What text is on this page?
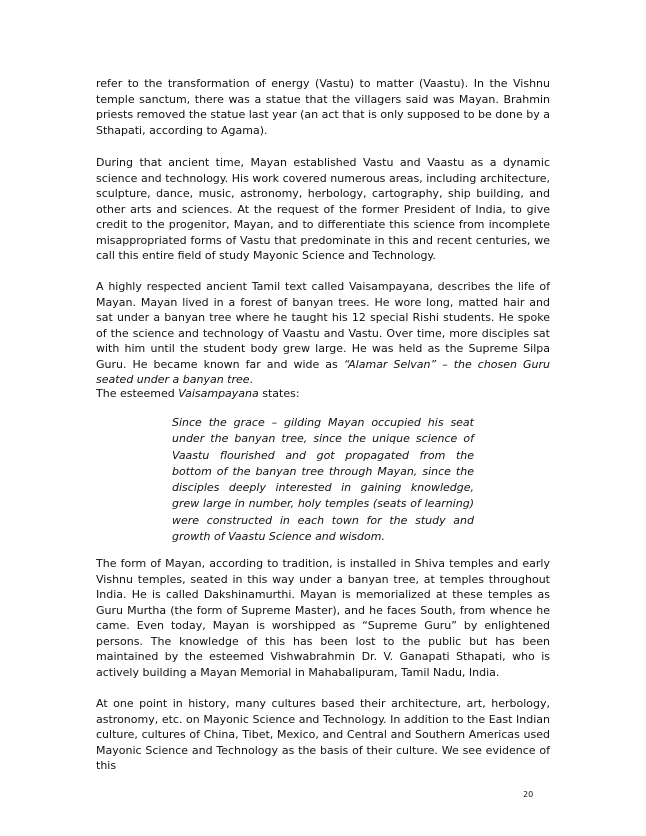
refer to the transformation of energy (Vastu) to matter (Vaastu). In the Vishnu temple sanctum, there was a statue that the villagers said was Mayan. Brahmin priests removed the statue last year (an act that is only supposed to be done by a Sthapati, according to Agama).

During that ancient time, Mayan established Vastu and Vaastu as a dynamic science and technology. His work covered numerous areas, including architecture, sculpture, dance, music, astronomy, herbology, cartography, ship building, and other arts and sciences. At the request of the former President of India, to give credit to the progenitor, Mayan, and to differentiate this science from incomplete misappropriated forms of Vastu that predominate in this and recent centuries, we call this entire field of study Mayonic Science and Technology.

A highly respected ancient Tamil text called Vaisampayana, describes the life of Mayan. Mayan lived in a forest of banyan trees. He wore long, matted hair and sat under a banyan tree where he taught his 12 special Rishi students. He spoke of the science and technology of Vaastu and Vastu. Over time, more disciples sat with him until the student body grew large. He was held as the Supreme Silpa Guru. He became known far and wide as “Alamar Selvan” – the chosen Guru seated under a banyan tree.

The esteemed Vaisampayana states:

Since the grace – gilding Mayan occupied his seat under the banyan tree, since the unique science of Vaastu flourished and got propagated from the bottom of the banyan tree through Mayan, since the disciples deeply interested in gaining knowledge, grew large in number, holy temples (seats of learning) were constructed in each town for the study and growth of Vaastu Science and wisdom.

The form of Mayan, according to tradition, is installed in Shiva temples and early Vishnu temples, seated in this way under a banyan tree, at temples throughout India. He is called Dakshinamurthi. Mayan is memorialized at these temples as Guru Murtha (the form of Supreme Master), and he faces South, from whence he came. Even today, Mayan is worshipped as “Supreme Guru” by enlightened persons. The knowledge of this has been lost to the public but has been maintained by the esteemed Vishwabrahmin Dr. V. Ganapati Sthapati, who is actively building a Mayan Memorial in Mahabalipuram, Tamil Nadu, India.

At one point in history, many cultures based their architecture, art, herbology, astronomy, etc. on Mayonic Science and Technology. In addition to the East Indian culture, cultures of China, Tibet, Mexico, and Central and Southern Americas used Mayonic Science and Technology as the basis of their culture. We see evidence of this

20
